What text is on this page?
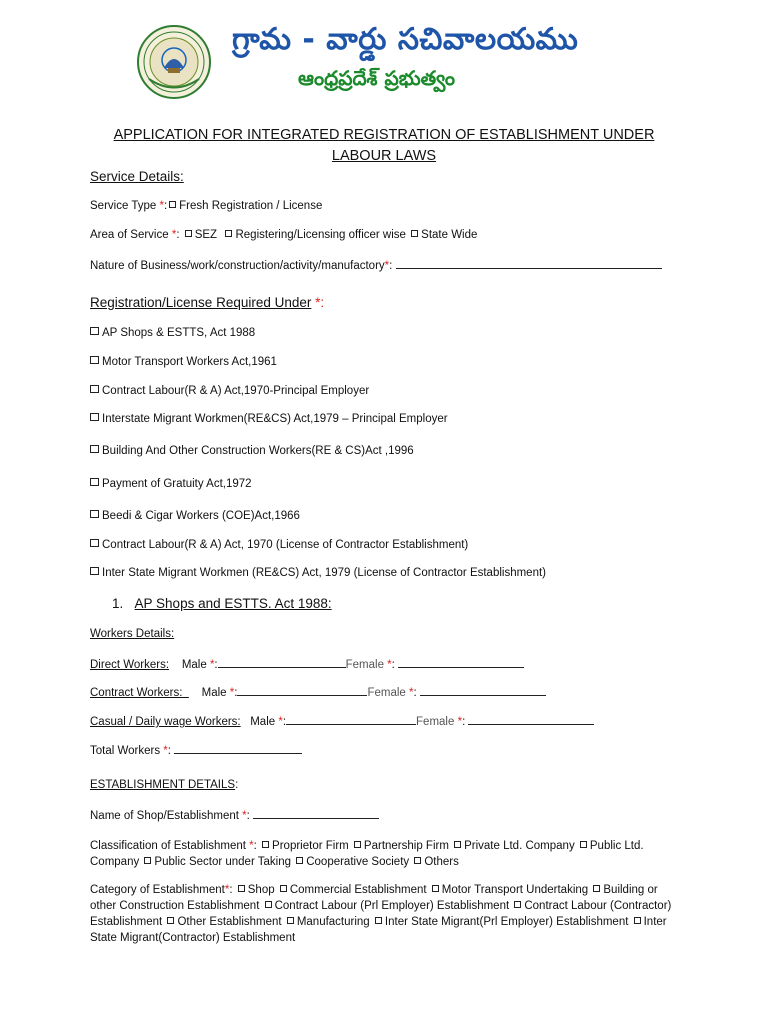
గ్రామ - వార్డు సచివాలయము
ఆంధ్రప్రదేశ్ ప్రభుత్వం
APPLICATION FOR INTEGRATED REGISTRATION OF ESTABLISHMENT UNDER
LABOUR LAWS
Service Details:
Service Type *: Fresh Registration / License
Area of Service *: SEZ Registering/Licensing officer wise State Wide
Nature of Business/work/construction/activity/manufactory*:
Registration/License Required Under *:
AP Shops & ESTTS, Act 1988
Motor Transport Workers Act,1961
Contract Labour(R & A) Act,1970-Principal Employer
Interstate Migrant Workmen(RE&CS) Act,1979 – Principal Employer
Building And Other Construction Workers(RE & CS)Act ,1996
Payment of Gratuity Act,1972
Beedi & Cigar Workers (COE)Act,1966
Contract Labour(R & A) Act, 1970 (License of Contractor Establishment)
Inter State Migrant Workmen (RE&CS) Act, 1979 (License of Contractor Establishment)
1. AP Shops and ESTTS. Act 1988:
Workers Details:
Direct Workers: Male *:	Female *:
Contract Workers: Male *:	Female *:
Casual / Daily wage Workers: Male *:	Female *:
Total Workers *:
ESTABLISHMENT DETAILS:
Name of Shop/Establishment *:
Classification of Establishment *: Proprietor Firm Partnership Firm Private Ltd. Company Public Ltd. Company Public Sector under Taking Cooperative Society Others
Category of Establishment*: Shop Commercial Establishment Motor Transport Undertaking Building or other Construction Establishment Contract Labour (Prl Employer) Establishment Contract Labour (Contractor) Establishment Other Establishment Manufacturing Inter State Migrant(Prl Employer) Establishment Inter State Migrant(Contractor) Establishment
